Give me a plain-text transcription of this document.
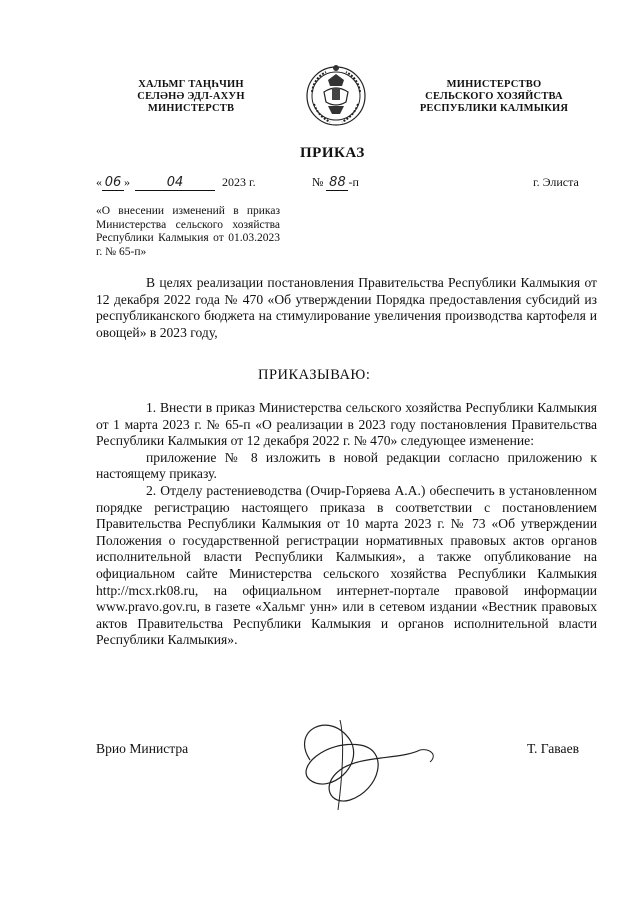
ХАЛЬМГ ТАҢҺЧИН
СЕЛӘНӘ ЭДЛ-АХУН
МИНИСТЕРСТВ
МИНИСТЕРСТВО
СЕЛЬСКОГО ХОЗЯЙСТВА
РЕСПУБЛИКИ КАЛМЫКИЯ
ПРИКАЗ
« 06 »	04	2023 г.	№ 88 -п	г. Элиста
«О внесении изменений в приказ Министерства сельского хозяйства Республики Калмыкия от 01.03.2023 г. № 65-п»

В целях реализации постановления Правительства Республики Калмыкия от 12 декабря 2022 года № 470 «Об утверждении Порядка предоставления субсидий из республиканского бюджета на стимулирование увеличения производства картофеля и овощей» в 2023 году,

ПРИКАЗЫВАЮ:

1. Внести в приказ Министерства сельского хозяйства Республики Калмыкия от 1 марта 2023 г. № 65-п «О реализации в 2023 году постановления Правительства Республики Калмыкия от 12 декабря 2022 г. № 470» следующее изменение:

приложение № 8 изложить в новой редакции согласно приложению к настоящему приказу.

2. Отделу растениеводства (Очир-Горяева А.А.) обеспечить в установленном порядке регистрацию настоящего приказа в соответствии с постановлением Правительства Республики Калмыкия от 10 марта 2023 г. № 73 «Об утверждении Положения о государственной регистрации нормативных правовых актов органов исполнительной власти Республики Калмыкия», а также опубликование на официальном сайте Министерства сельского хозяйства Республики Калмыкия http://mcx.rk08.ru, на официальном интернет-портале правовой информации www.pravo.gov.ru, в газете «Хальмг унн» или в сетевом издании «Вестник правовых актов Правительства Республики Калмыкия и органов исполнительной власти Республики Калмыкия».

Врио Министра	Т. Гаваев
